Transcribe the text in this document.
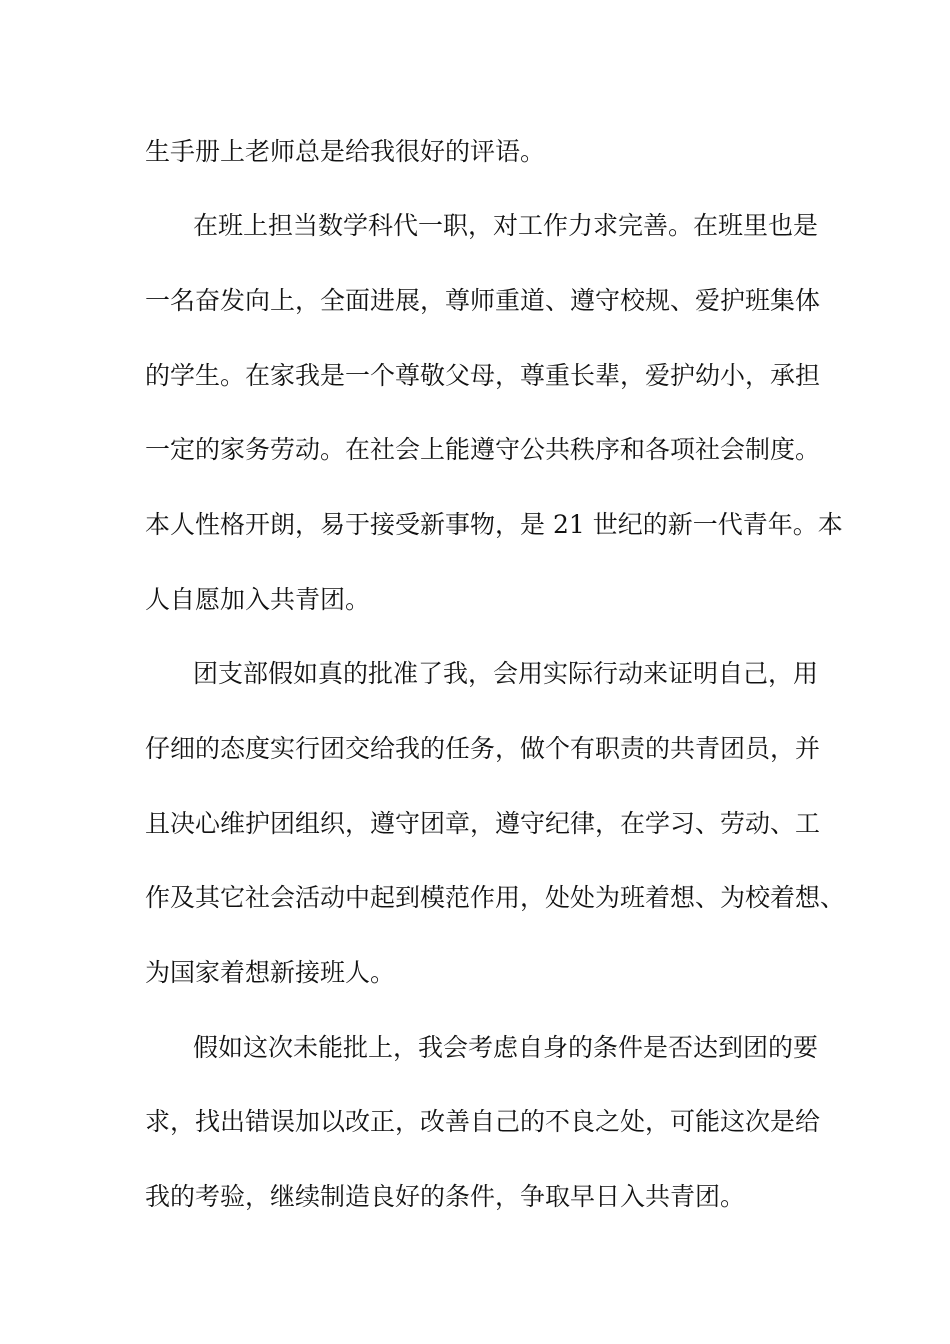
生手册上老师总是给我很好的评语。
在班上担当数学科代一职，对工作力求完善。在班里也是
一名奋发向上，全面进展，尊师重道、遵守校规、爱护班集体
的学生。在家我是一个尊敬父母，尊重长辈，爱护幼小，承担
一定的家务劳动。在社会上能遵守公共秩序和各项社会制度。
本人性格开朗，易于接受新事物，是 21 世纪的新一代青年。本
人自愿加入共青团。
团支部假如真的批准了我，会用实际行动来证明自己，用
仔细的态度实行团交给我的任务，做个有职责的共青团员，并
且决心维护团组织，遵守团章，遵守纪律，在学习、劳动、工
作及其它社会活动中起到模范作用，处处为班着想、为校着想、
为国家着想新接班人。
假如这次未能批上，我会考虑自身的条件是否达到团的要
求，找出错误加以改正，改善自己的不良之处，可能这次是给
我的考验，继续制造良好的条件，争取早日入共青团。
